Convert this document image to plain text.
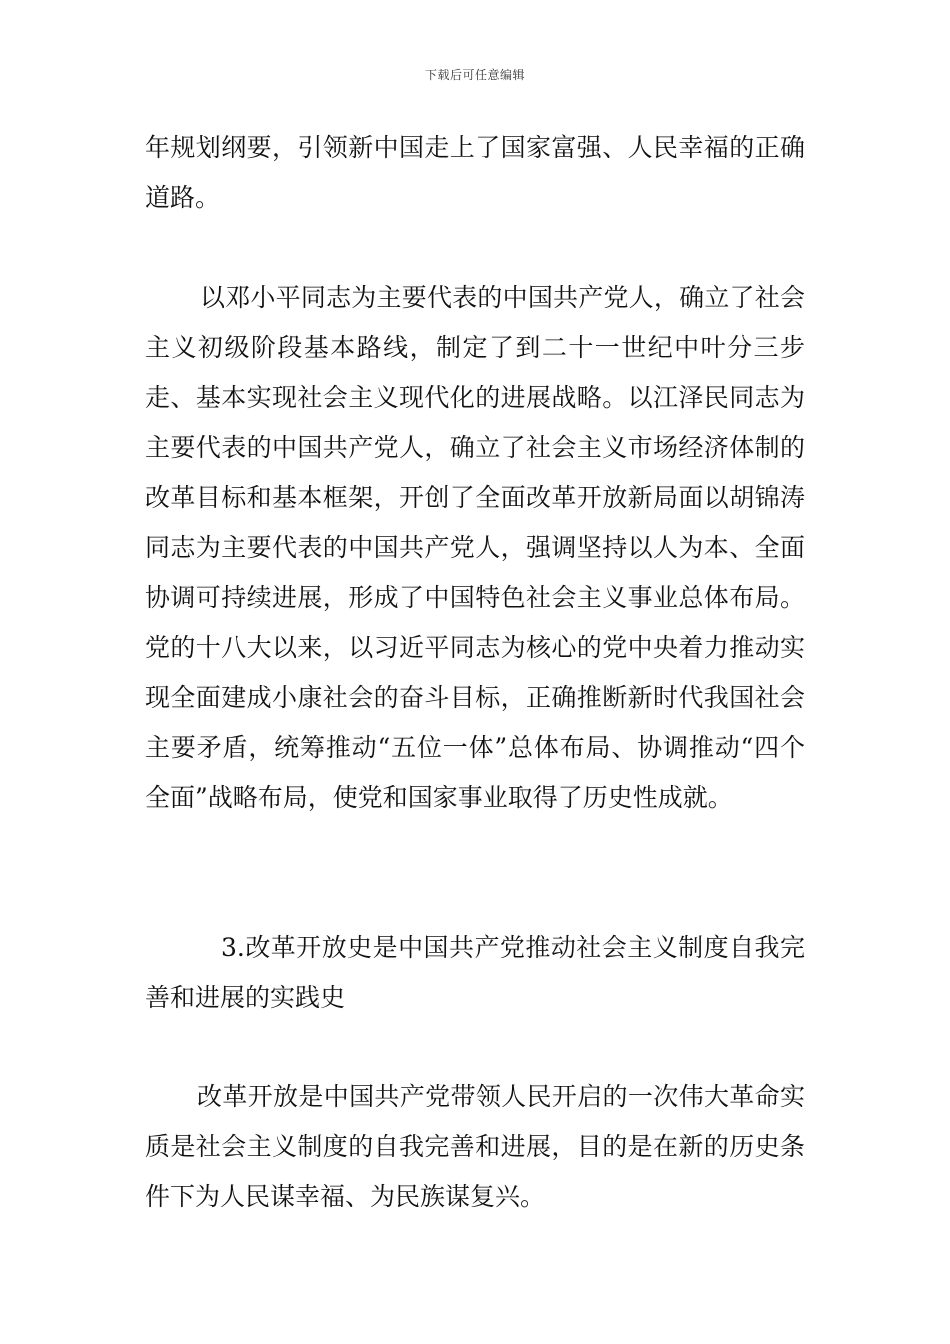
下载后可任意编辑
年规划纲要，引领新中国走上了国家富强、人民幸福的正确道路。
以邓小平同志为主要代表的中国共产党人，确立了社会主义初级阶段基本路线，制定了到二十一世纪中叶分三步走、基本实现社会主义现代化的进展战略。以江泽民同志为主要代表的中国共产党人，确立了社会主义市场经济体制的改革目标和基本框架，开创了全面改革开放新局面以胡锦涛同志为主要代表的中国共产党人，强调坚持以人为本、全面协调可持续进展，形成了中国特色社会主义事业总体布局。党的十八大以来，以习近平同志为核心的党中央着力推动实现全面建成小康社会的奋斗目标，正确推断新时代我国社会主要矛盾，统筹推动“五位一体”总体布局、协调推动“四个全面”战略布局，使党和国家事业取得了历史性成就。
3.改革开放史是中国共产党推动社会主义制度自我完善和进展的实践史
改革开放是中国共产党带领人民开启的一次伟大革命实质是社会主义制度的自我完善和进展，目的是在新的历史条件下为人民谋幸福、为民族谋复兴。
